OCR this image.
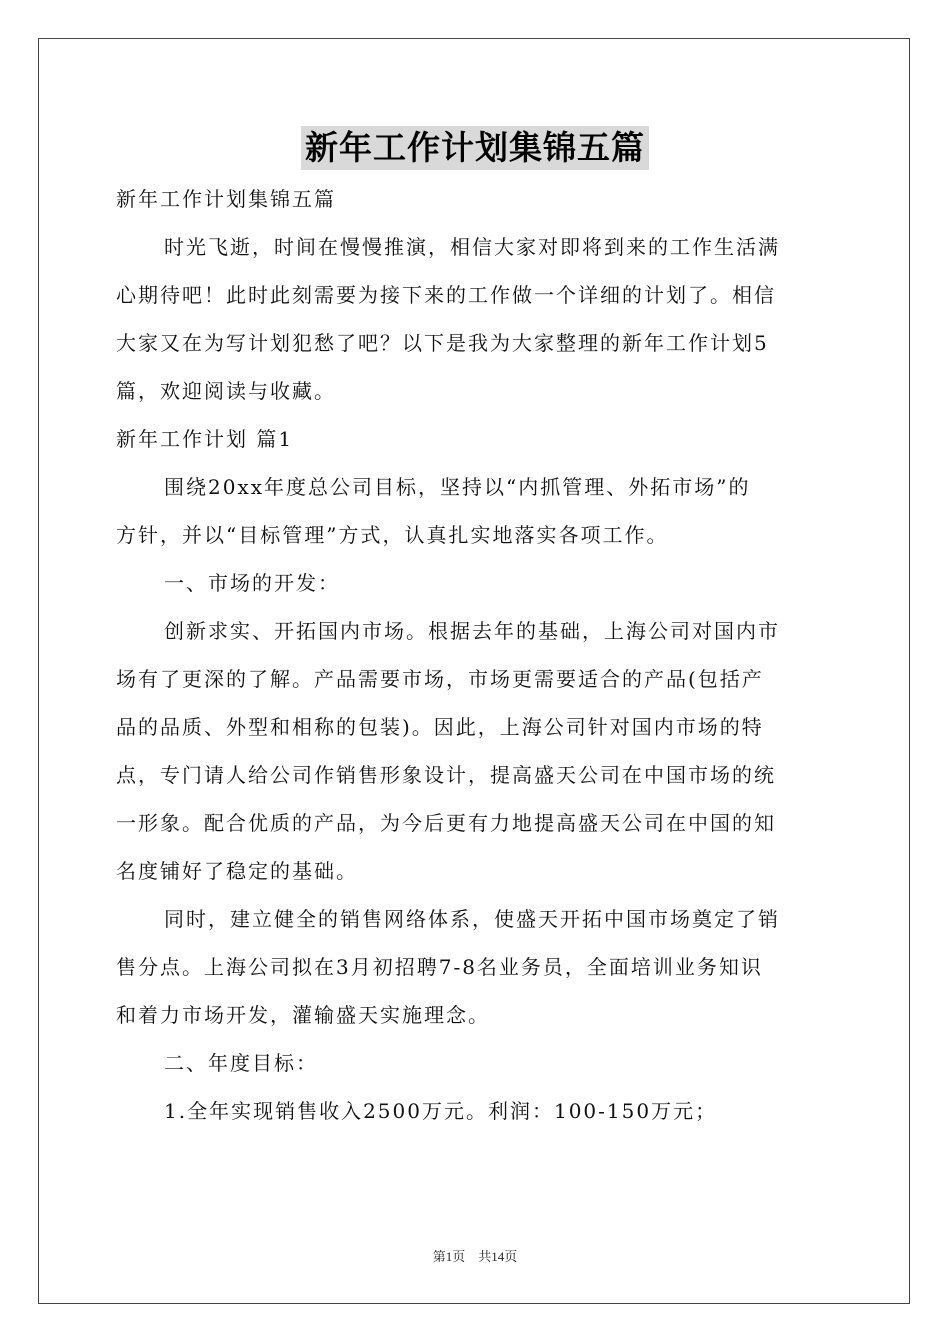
新年工作计划集锦五篇
新年工作计划集锦五篇
时光飞逝，时间在慢慢推演，相信大家对即将到来的工作生活满
心期待吧！此时此刻需要为接下来的工作做一个详细的计划了。相信
大家又在为写计划犯愁了吧？以下是我为大家整理的新年工作计划5
篇，欢迎阅读与收藏。
新年工作计划 篇1
围绕20xx年度总公司目标，坚持以“内抓管理、外拓市场”的
方针，并以“目标管理”方式，认真扎实地落实各项工作。
一、市场的开发：
创新求实、开拓国内市场。根据去年的基础，上海公司对国内市
场有了更深的了解。产品需要市场，市场更需要适合的产品(包括产
品的品质、外型和相称的包装)。因此，上海公司针对国内市场的特
点，专门请人给公司作销售形象设计，提高盛天公司在中国市场的统
一形象。配合优质的产品，为今后更有力地提高盛天公司在中国的知
名度铺好了稳定的基础。
同时，建立健全的销售网络体系，使盛天开拓中国市场奠定了销
售分点。上海公司拟在3月初招聘7-8名业务员，全面培训业务知识
和着力市场开发，灌输盛天实施理念。
二、年度目标：
1.全年实现销售收入2500万元。利润：100-150万元；
第1页　共14页
